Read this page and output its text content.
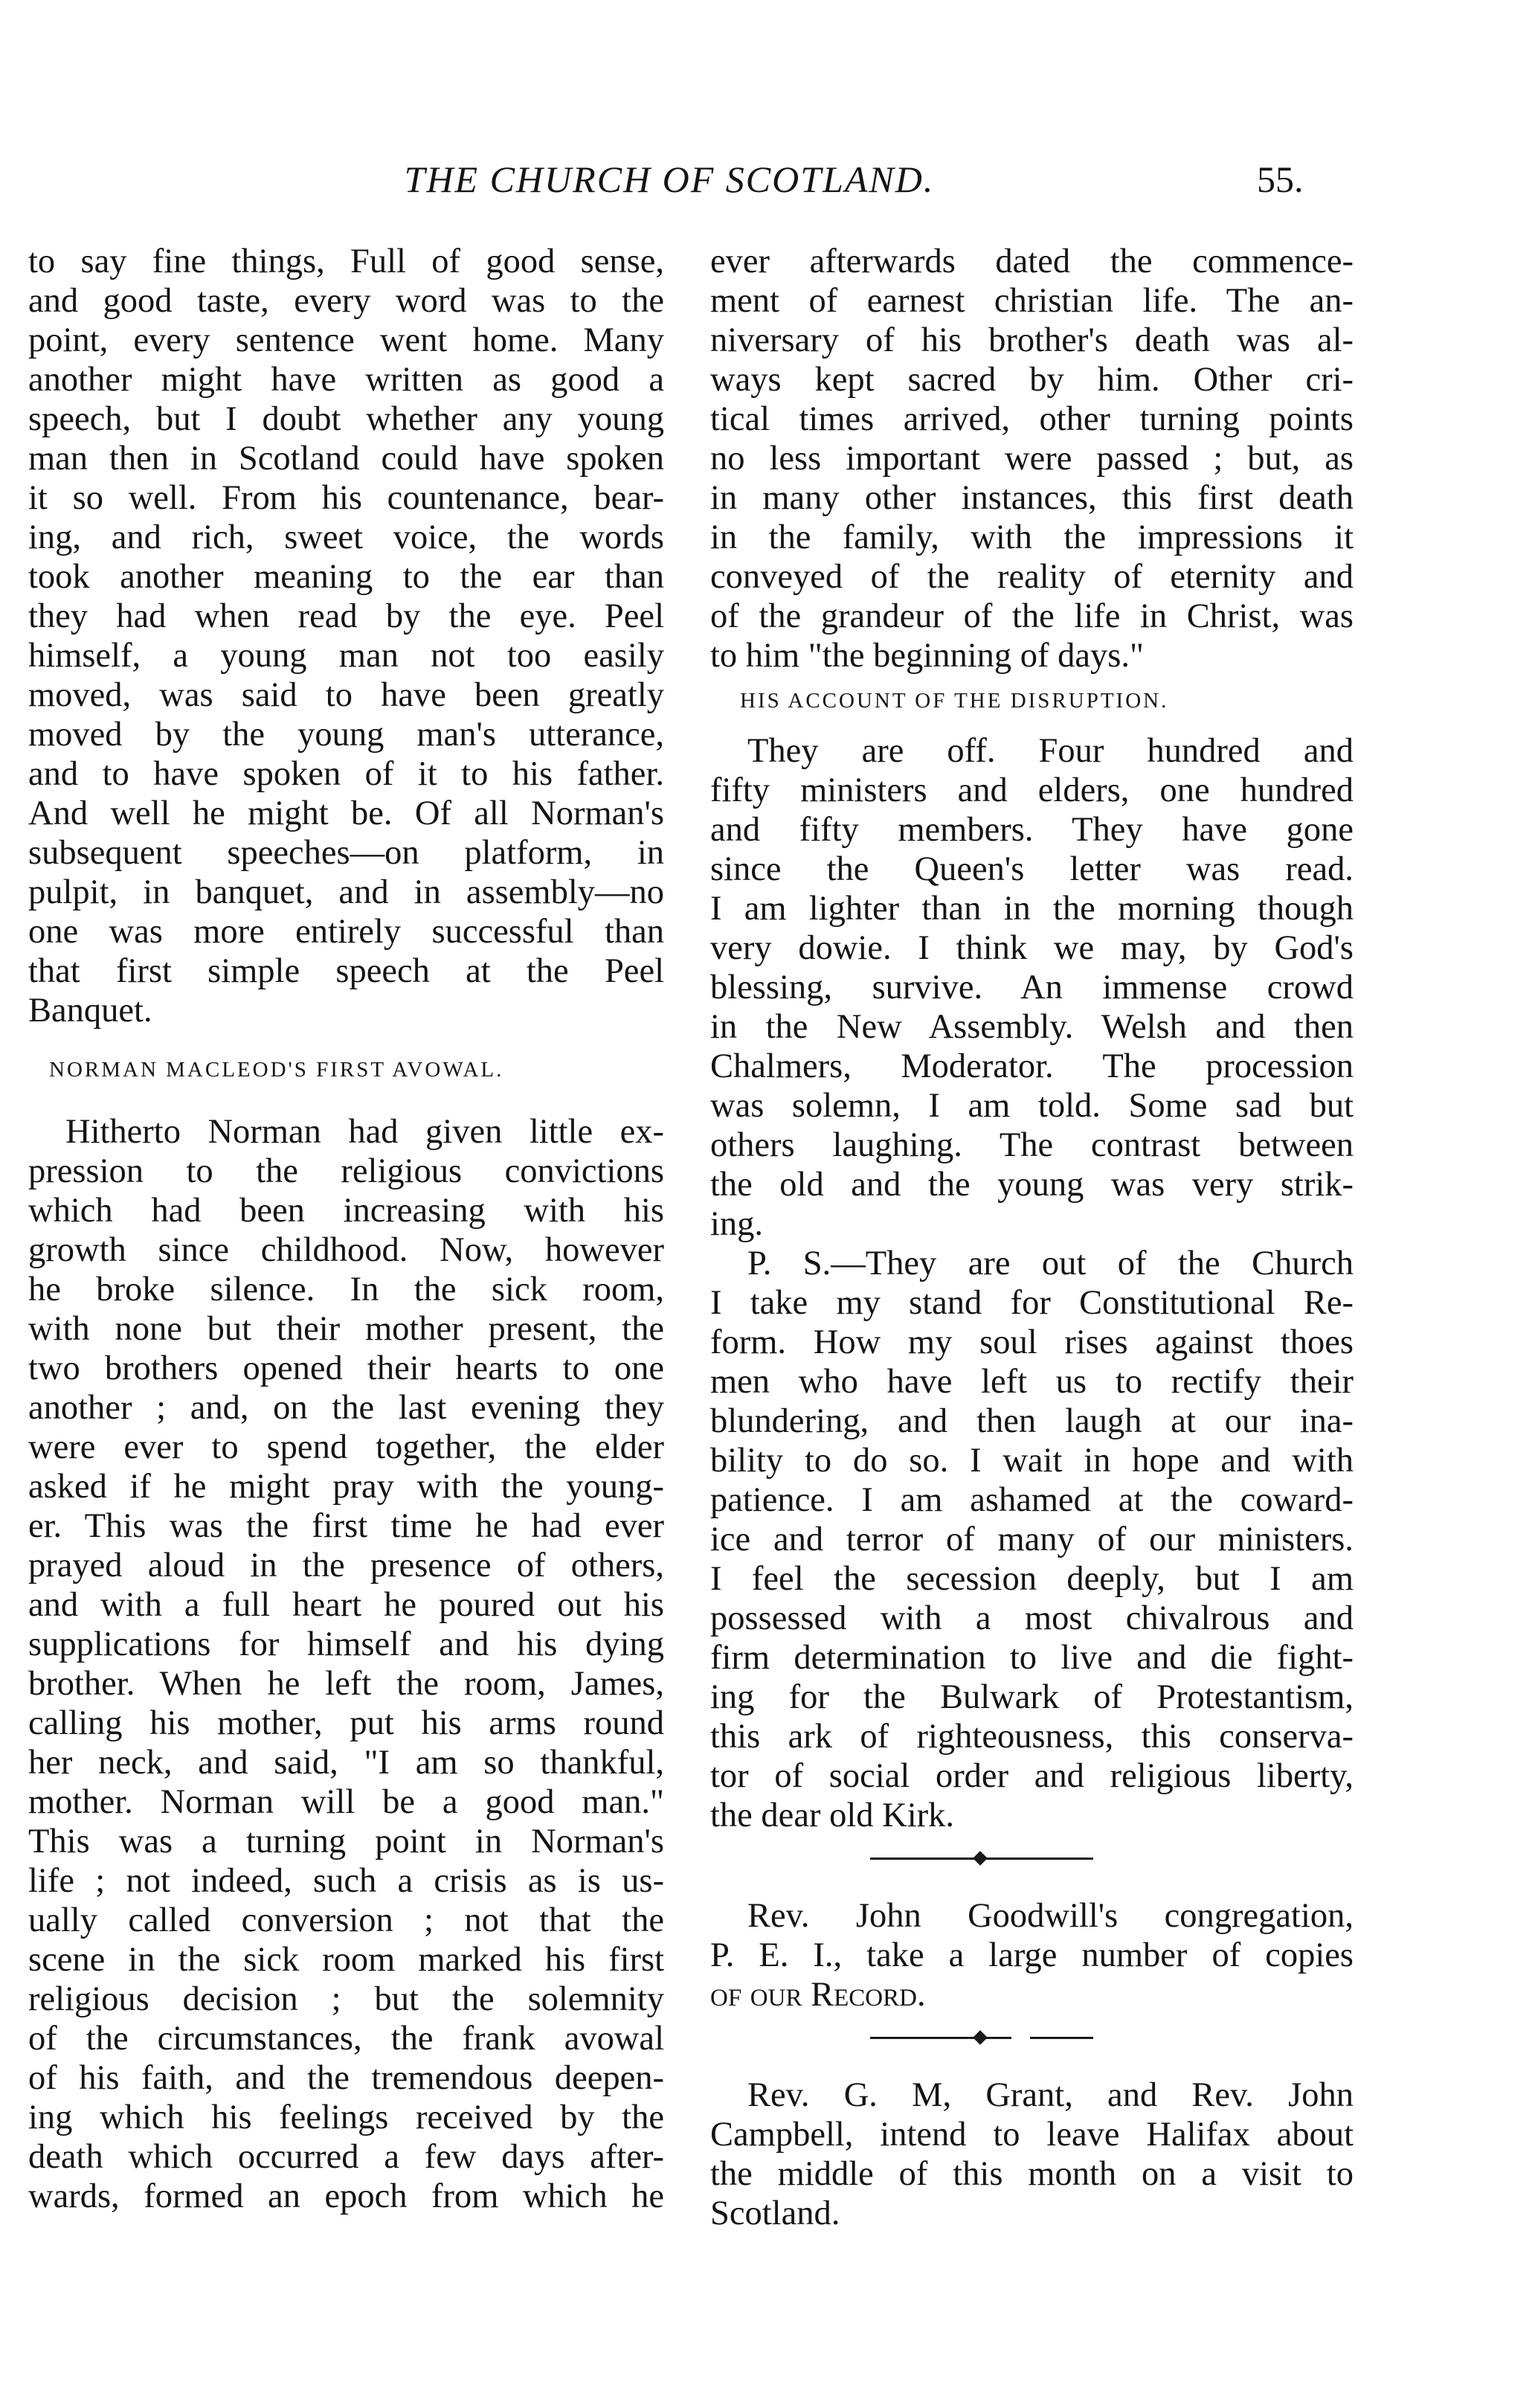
THE CHURCH OF SCOTLAND.	55.
to say fine things, Full of good sense,
and good taste, every word was to the
point, every sentence went home. Many
another might have written as good a
speech, but I doubt whether any young
man then in Scotland could have spoken
it so well. From his countenance, bear-
ing, and rich, sweet voice, the words
took another meaning to the ear than
they had when read by the eye. Peel
himself, a young man not too easily
moved, was said to have been greatly
moved by the young man's utterance,
and to have spoken of it to his father.
And well he might be. Of all Norman's
subsequent speeches—on platform, in
pulpit, in banquet, and in assembly—no
one was more entirely successful than
that first simple speech at the Peel
Banquet.
NORMAN MACLEOD'S FIRST AVOWAL.
Hitherto Norman had given little ex-
pression to the religious convictions
which had been increasing with his
growth since childhood. Now, however
he broke silence. In the sick room,
with none but their mother present, the
two brothers opened their hearts to one
another ; and, on the last evening they
were ever to spend together, the elder
asked if he might pray with the young-
er. This was the first time he had ever
prayed aloud in the presence of others,
and with a full heart he poured out his
supplications for himself and his dying
brother. When he left the room, James,
calling his mother, put his arms round
her neck, and said, "I am so thankful,
mother. Norman will be a good man."
This was a turning point in Norman's
life ; not indeed, such a crisis as is us-
ually called conversion ; not that the
scene in the sick room marked his first
religious decision ; but the solemnity
of the circumstances, the frank avowal
of his faith, and the tremendous deepen-
ing which his feelings received by the
death which occurred a few days after-
wards, formed an epoch from which he
ever afterwards dated the commence-
ment of earnest christian life. The an-
niversary of his brother's death was al-
ways kept sacred by him. Other cri-
tical times arrived, other turning points
no less important were passed ; but, as
in many other instances, this first death
in the family, with the impressions it
conveyed of the reality of eternity and
of the grandeur of the life in Christ, was
to him "the beginning of days."
HIS ACCOUNT OF THE DISRUPTION.
They are off. Four hundred and
fifty ministers and elders, one hundred
and fifty members. They have gone
since the Queen's letter was read.
I am lighter than in the morning though
very dowie. I think we may, by God's
blessing, survive. An immense crowd
in the New Assembly. Welsh and then
Chalmers, Moderator. The procession
was solemn, I am told. Some sad but
others laughing. The contrast between
the old and the young was very strik-
ing.
P. S.—They are out of the Church
I take my stand for Constitutional Re-
form. How my soul rises against thoes
men who have left us to rectify their
blundering, and then laugh at our ina-
bility to do so. I wait in hope and with
patience. I am ashamed at the coward-
ice and terror of many of our ministers.
I feel the secession deeply, but I am
possessed with a most chivalrous and
firm determination to live and die fight-
ing for the Bulwark of Protestantism,
this ark of righteousness, this conserva-
tor of social order and religious liberty,
the dear old Kirk.
Rev. John Goodwill's congregation,
P. E. I., take a large number of copies
of our Record.
Rev. G. M, Grant, and Rev. John
Campbell, intend to leave Halifax about
the middle of this month on a visit to
Scotland.
